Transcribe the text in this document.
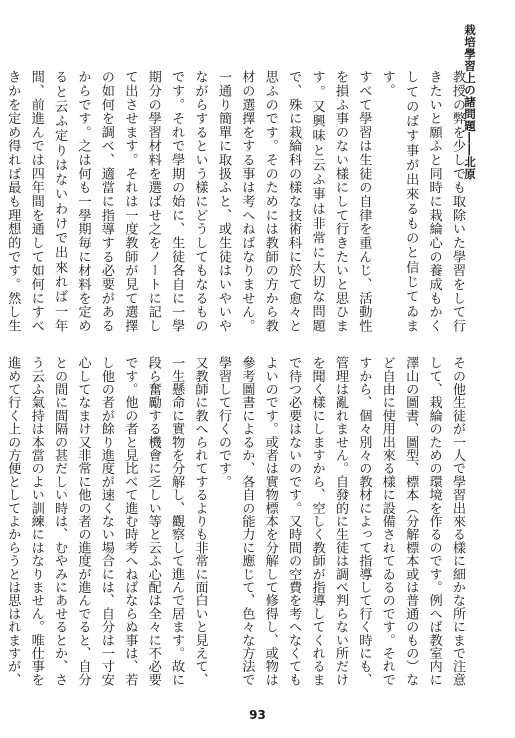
栽培學習上の諸問題――北原

教授の弊を少しでも取除いた學習をして行きたいと願ふと同時に栽綸心の養成もかくしてのばす事が出來るものと信じてゐます。

すべて學習は生徒の自律を重んじ、活動性を損ふ事のない樣にして行きたいと思ひます。又興味と云ふ事は非常に大切な問題で、殊に栽綸科の樣な技術科に於て愈々と思ふのです。そのためには教師の方から教材の選擇をする事は考へねばなりません。一通り簡單に取扱ふと、或生徒はいやいやながらするという樣にどうしてもなるものです。それで學期の始に、生徒各自に一學期分の學習材料を選ばせ之をノートに記して出させます。それは一度教師が見て選擇の如何を調べ、適當に指導する必要があるからです。之は何も一學期毎に材料を定めると云ふ定りはないわけで出來れば一年間、前進んでは四年間を通して如何にすべきかを定め得れば最も理想的です。然し生

93

その他生徒が一人で學習出來る樣に細かな所にまで注意して、栽綸のための環境を作るのです。例へば教室内に澤山の圖書、圖型、標本（分解標本或は普通のもの）など自由に使用出來る樣に設備されてゐるのです。それですから、個々別々の教材によって指導して行く時にも、管理は亂れません。自發的に生徒は調べ判らない所だけを聞く樣にしますから、空しく教師が指導してくれるまで待つ必要はないのです。又時間の空費を考へなくてもよいのです。或者は實物標本を分解して修得し、或物は參考圖書によるか、各自の能力に應じて、色々な方法で學習して行くのです。

又教師に教へられてするよりも非常に面白いと見えて、一生懸命に實物を分解し、觀察して進んで居ます。故に段ら奮勵する機會に乏しい等と云ふ心配は全々に不必要です。他の者と見比べて進む時考へねばならぬ事は、若し他の者が餘り進度が速くない場合には、自分は一寸安心してなまけ又非常に他の者の進度が進んでると、自分との間に間隔の甚だしい時は、むやみにあせるとか、さう云ふ氣持は本當のよい訓練にはなりません。唯仕事を進めて行く上の方便としてよからうとは思はれますが、
